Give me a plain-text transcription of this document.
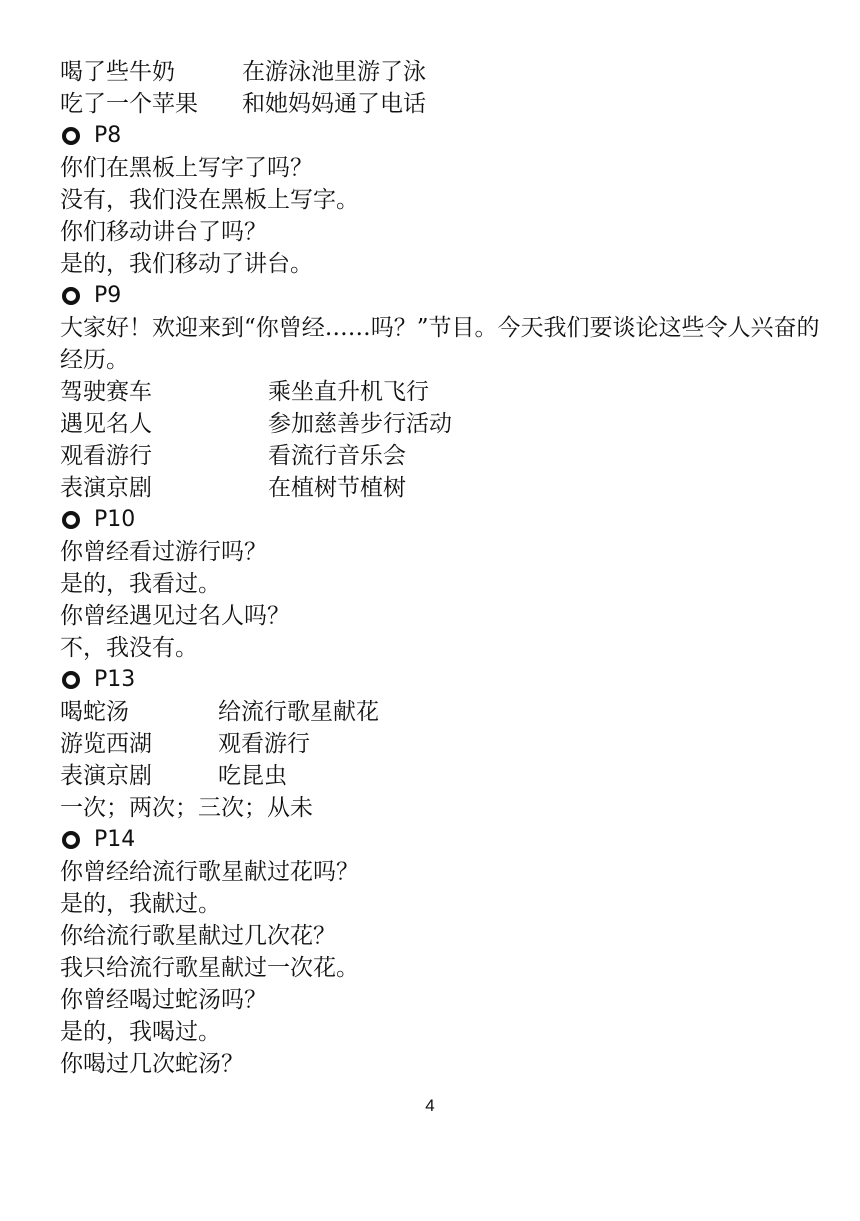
喝了些牛奶	在游泳池里游了泳
吃了一个苹果	和她妈妈通了电话
P8
你们在黑板上写字了吗？
没有，我们没在黑板上写字。
你们移动讲台了吗？
是的，我们移动了讲台。
P9
大家好！欢迎来到“你曾经……吗？”节目。今天我们要谈论这些令人兴奋的经历。
驾驶赛车	乘坐直升机飞行
遇见名人	参加慈善步行活动
观看游行	看流行音乐会
表演京剧	在植树节植树
P10
你曾经看过游行吗？
是的，我看过。
你曾经遇见过名人吗？
不，我没有。
P13
喝蛇汤	给流行歌星献花
游览西湖	观看游行
表演京剧	吃昆虫
一次；两次；三次；从未
P14
你曾经给流行歌星献过花吗？
是的，我献过。
你给流行歌星献过几次花？
我只给流行歌星献过一次花。
你曾经喝过蛇汤吗？
是的，我喝过。
你喝过几次蛇汤？
4
